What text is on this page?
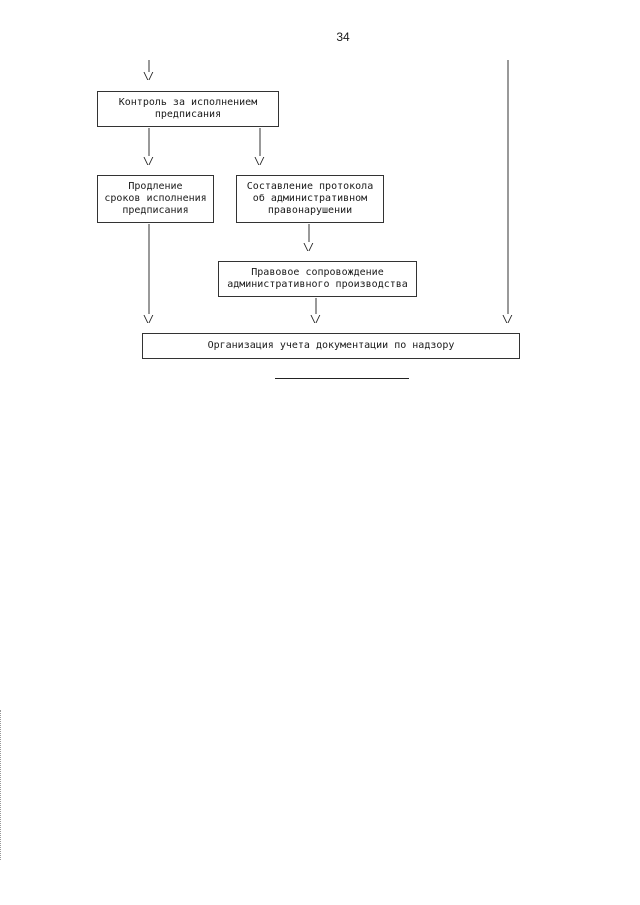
34
\/
\/	\/
\/
\/	\/	\/
Контроль за исполнением
предписания
Продление
сроков исполнения
предписания
Составление протокола
об административном
правонарушении
Правовое сопровождение
административного производства
Организация учета документации по надзору
